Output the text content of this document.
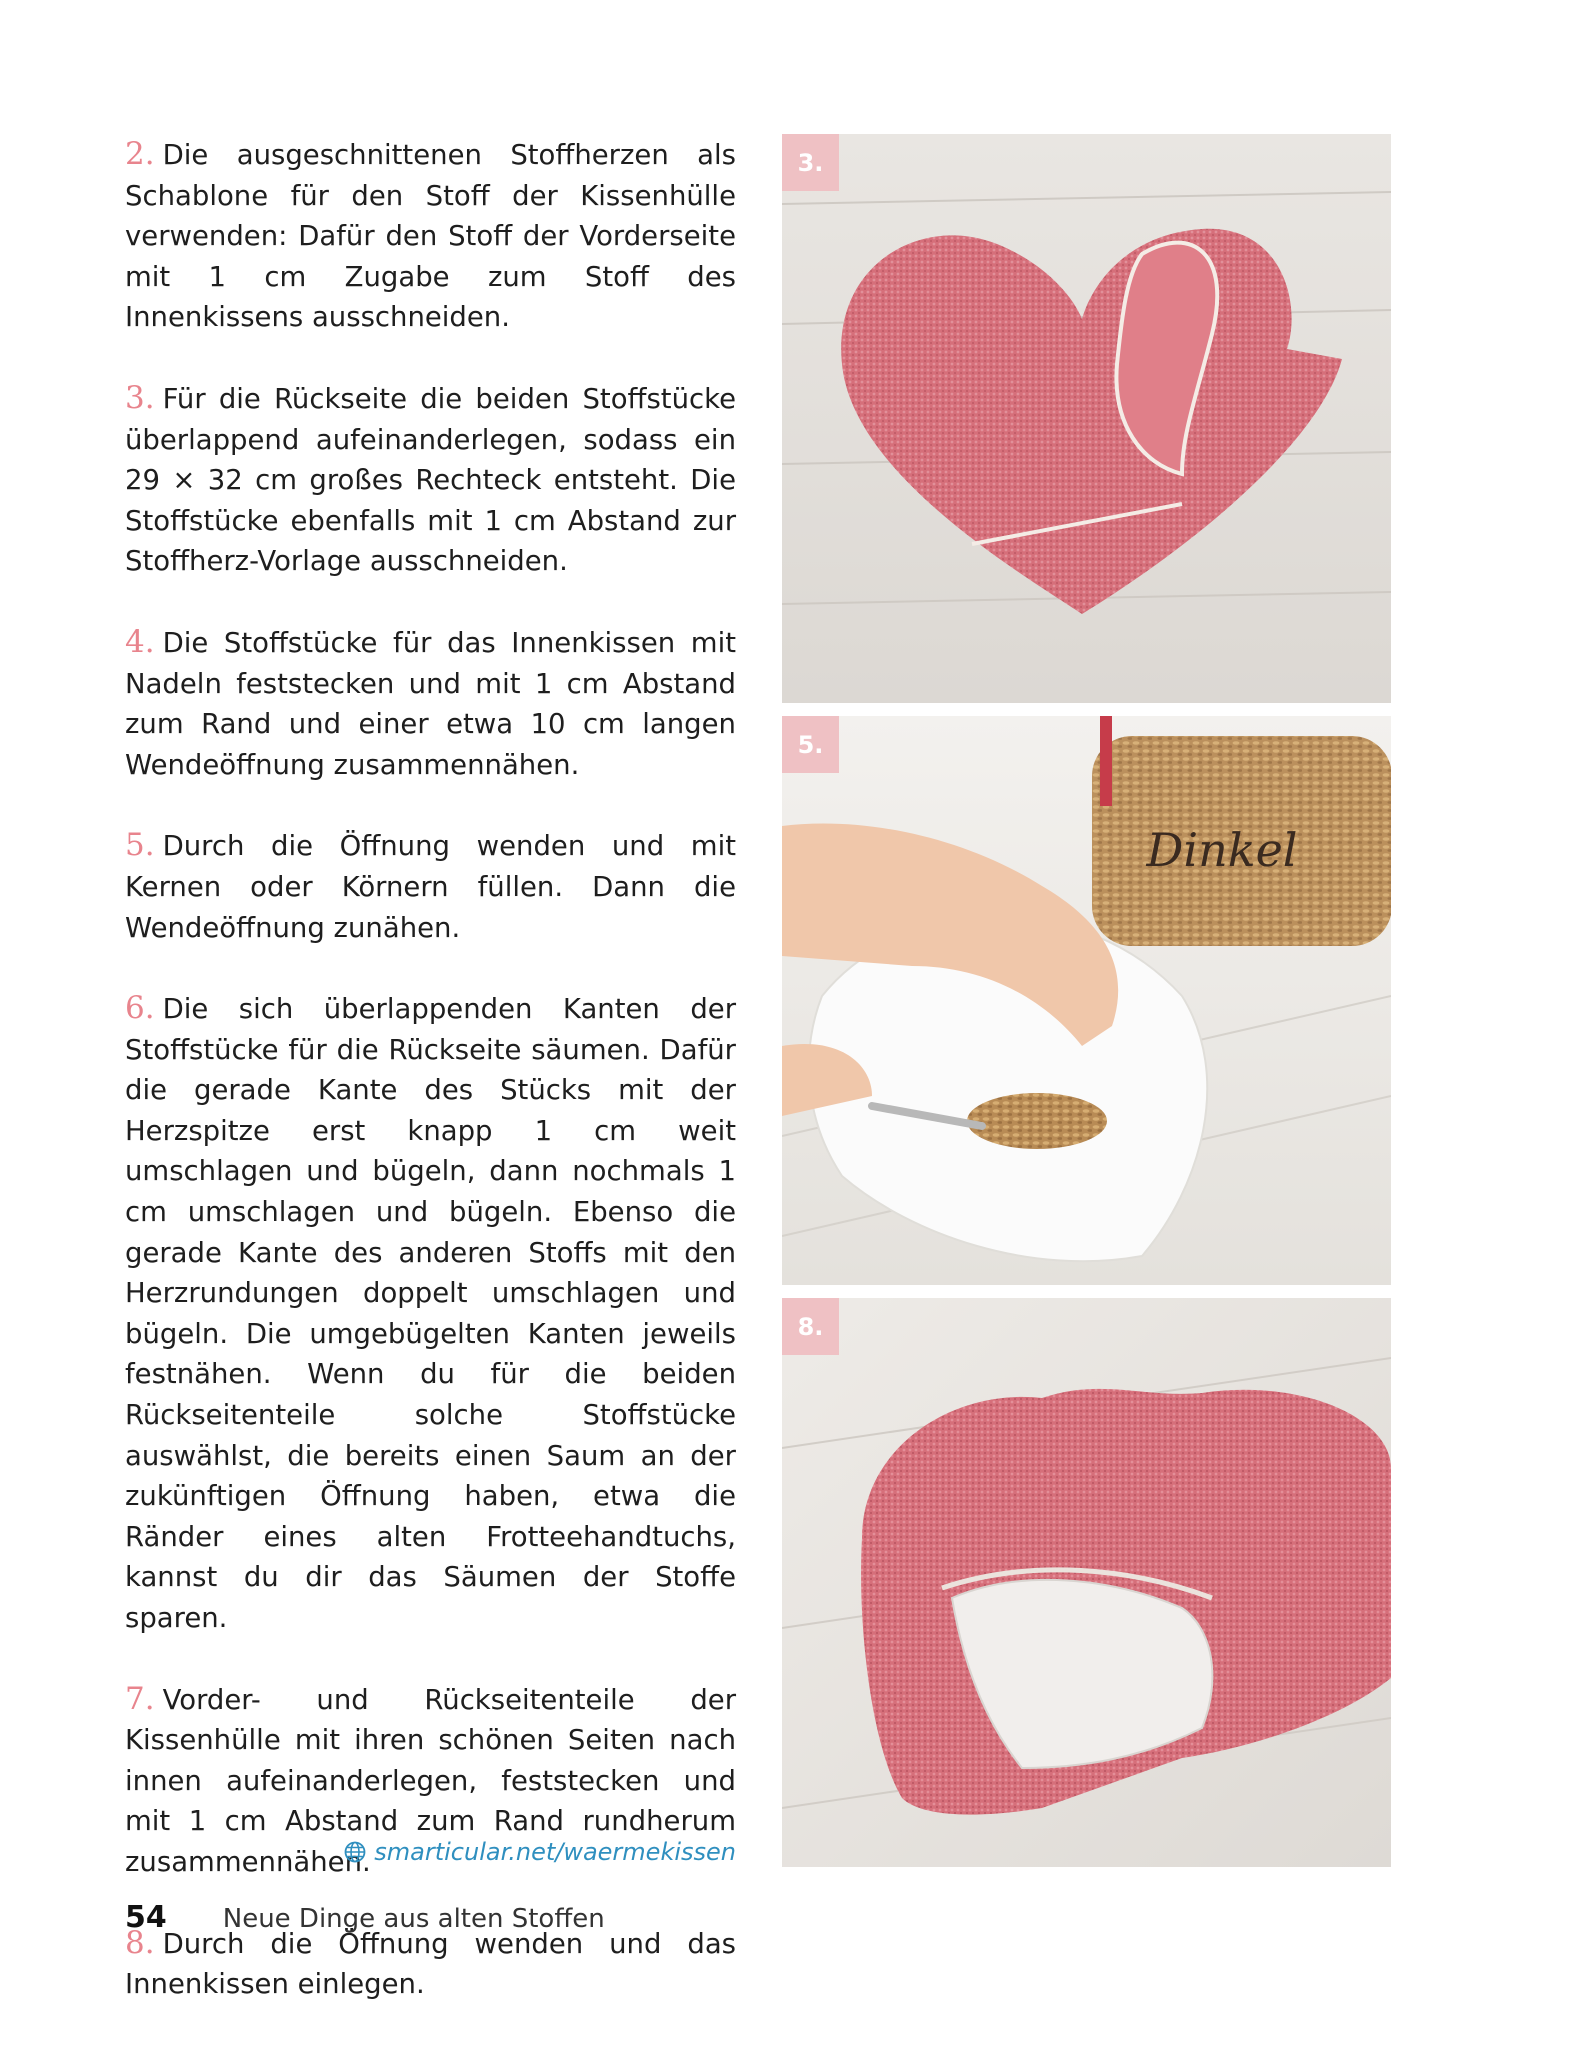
2. Die ausgeschnittenen Stoffherzen als Schablone für den Stoff der Kissenhülle verwenden: Dafür den Stoff der Vorderseite mit 1 cm Zugabe zum Stoff des Innenkissens ausschneiden.

3. Für die Rückseite die beiden Stoffstücke überlappend aufeinanderlegen, sodass ein 29 × 32 cm großes Rechteck entsteht. Die Stoffstücke ebenfalls mit 1 cm Abstand zur Stoffherz-Vorlage ausschneiden.

4. Die Stoffstücke für das Innenkissen mit Nadeln feststecken und mit 1 cm Abstand zum Rand und einer etwa 10 cm langen Wendeöffnung zusammennähen.

5. Durch die Öffnung wenden und mit Kernen oder Körnern füllen. Dann die Wendeöffnung zunähen.

6. Die sich überlappenden Kanten der Stoffstücke für die Rückseite säumen. Dafür die gerade Kante des Stücks mit der Herzspitze erst knapp 1 cm weit umschlagen und bügeln, dann nochmals 1 cm umschlagen und bügeln. Ebenso die gerade Kante des anderen Stoffs mit den Herzrundungen doppelt umschlagen und bügeln. Die umgebügelten Kanten jeweils festnähen. Wenn du für die beiden Rückseitenteile solche Stoffstücke auswählst, die bereits einen Saum an der zukünftigen Öffnung haben, etwa die Ränder eines alten Frotteehandtuchs, kannst du dir das Säumen der Stoffe sparen.

7. Vorder- und Rückseitenteile der Kissenhülle mit ihren schönen Seiten nach innen aufeinanderlegen, feststecken und mit 1 cm Abstand zum Rand rundherum zusammennähen.

8. Durch die Öffnung wenden und das Innenkissen einlegen.

smarticular.net/waermekissen
54 Neue Dinge aus alten Stoffen
3.
Dinkel
5.
8.
